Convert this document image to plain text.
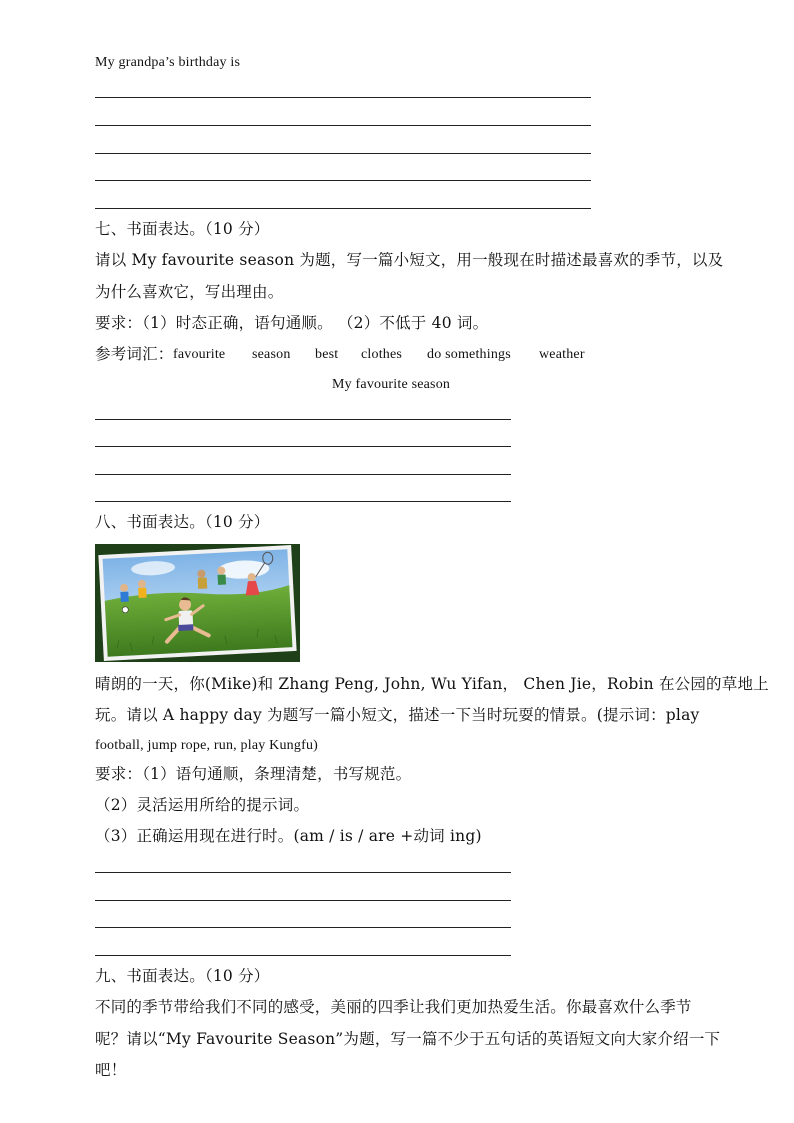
My grandpa’s birthday is
七、书面表达。（10 分）
请以 My favourite season 为题，写一篇小短文，用一般现在时描述最喜欢的季节，以及
为什么喜欢它，写出理由。
要求：（1）时态正确，语句通顺。 （2）不低于 40 词。
参考词汇： favourite season best clothes do somethings weather
My favourite season
八、书面表达。（10 分）
晴朗的一天，你(Mike)和 Zhang Peng, John, Wu Yifan， Chen Jie，Robin 在公园的草地上
玩。请以 A happy day 为题写一篇小短文，描述一下当时玩耍的情景。(提示词：play
football, jump rope, run, play Kungfu)
要求：（1）语句通顺，条理清楚，书写规范。
（2）灵活运用所给的提示词。
（3）正确运用现在进行时。(am / is / are +动词 ing)
九、书面表达。（10 分）
不同的季节带给我们不同的感受，美丽的四季让我们更加热爱生活。你最喜欢什么季节
呢？请以“My Favourite Season”为题，写一篇不少于五句话的英语短文向大家介绍一下
吧！
